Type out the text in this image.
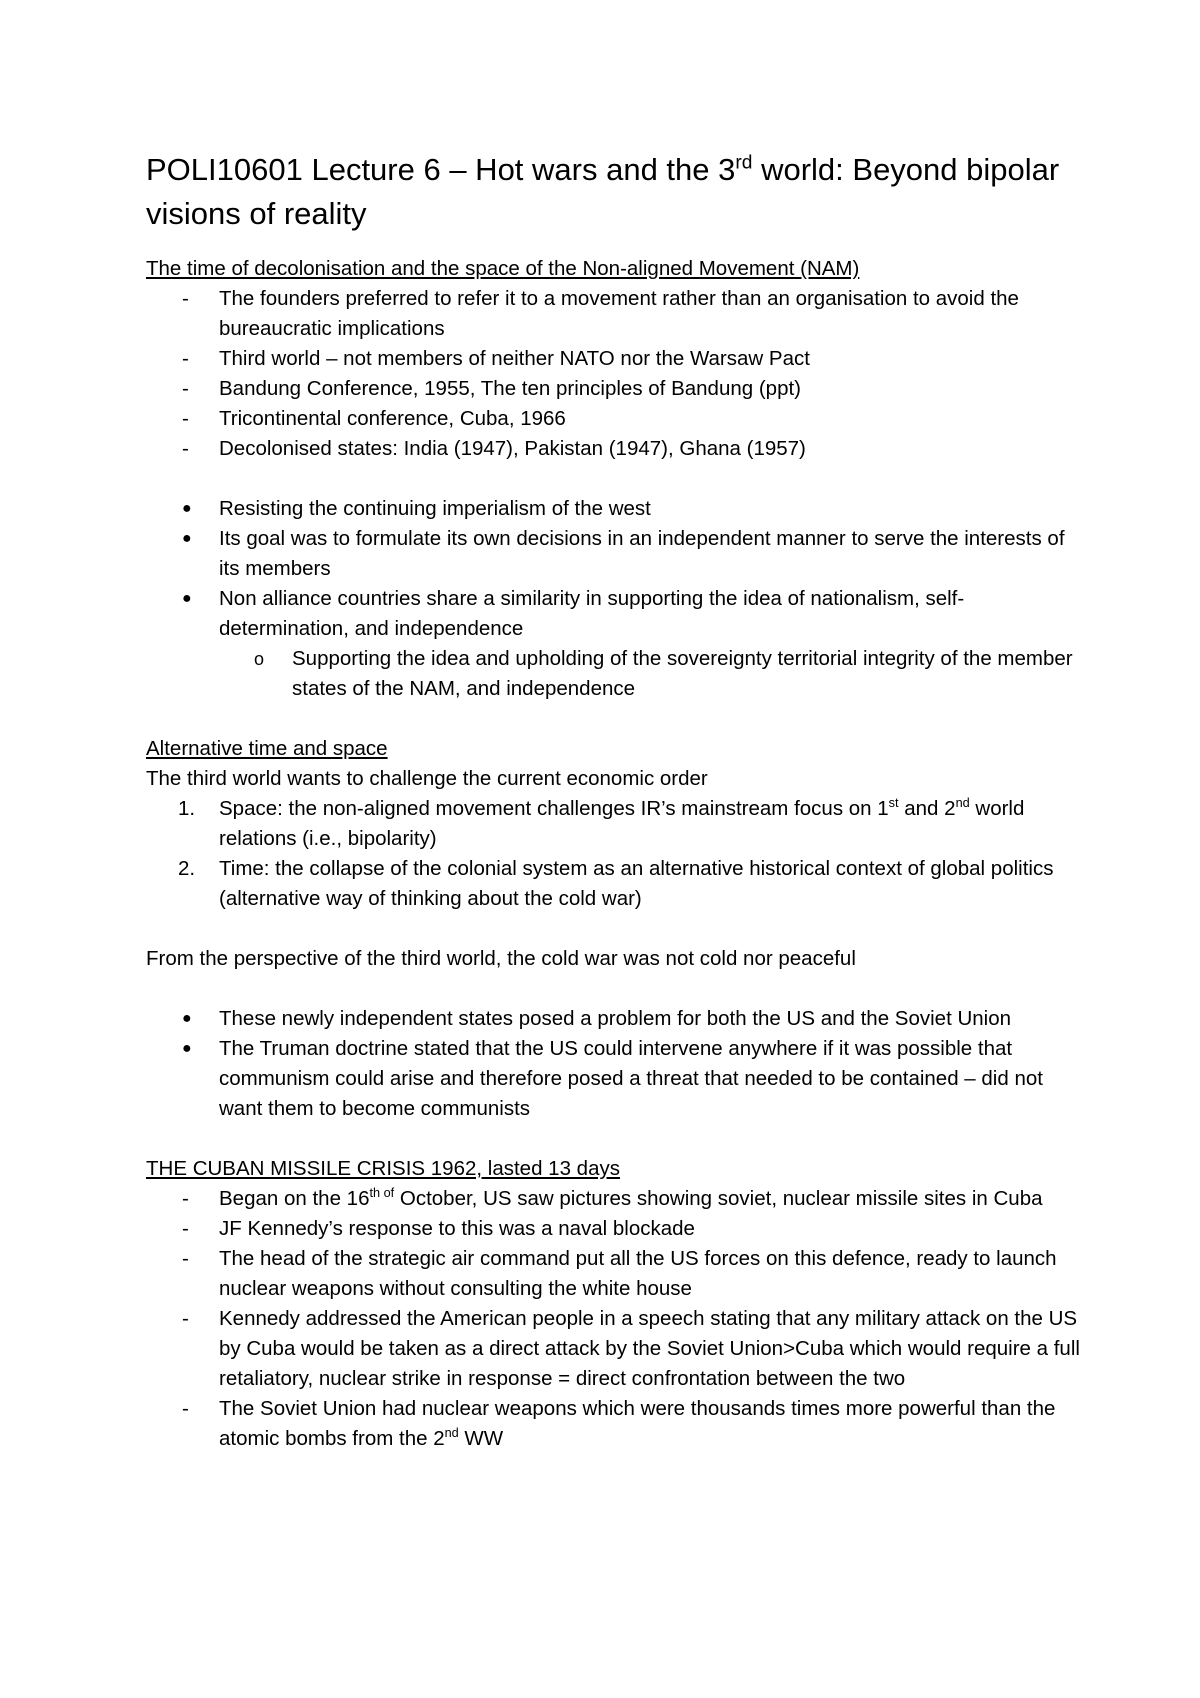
POLI10601 Lecture 6 – Hot wars and the 3rd world: Beyond bipolar visions of reality

The time of decolonisation and the space of the Non-aligned Movement (NAM)

- The founders preferred to refer it to a movement rather than an organisation to avoid the bureaucratic implications
- Third world – not members of neither NATO nor the Warsaw Pact
- Bandung Conference, 1955, The ten principles of Bandung (ppt)
- Tricontinental conference, Cuba, 1966
- Decolonised states: India (1947), Pakistan (1947), Ghana (1957)
● Resisting the continuing imperialism of the west
● Its goal was to formulate its own decisions in an independent manner to serve the interests of its members
● Non alliance countries share a similarity in supporting the idea of nationalism, self-determination, and independence
o Supporting the idea and upholding of the sovereignty territorial integrity of the member states of the NAM, and independence

Alternative time and space

The third world wants to challenge the current economic order

1. Space: the non-aligned movement challenges IR’s mainstream focus on 1st and 2nd world relations (i.e., bipolarity)
2. Time: the collapse of the colonial system as an alternative historical context of global politics (alternative way of thinking about the cold war)

From the perspective of the third world, the cold war was not cold nor peaceful

● These newly independent states posed a problem for both the US and the Soviet Union
● The Truman doctrine stated that the US could intervene anywhere if it was possible that communism could arise and therefore posed a threat that needed to be contained – did not want them to become communists

THE CUBAN MISSILE CRISIS 1962, lasted 13 days

- Began on the $16^{th of}$ October, US saw pictures showing soviet, nuclear missile sites in Cuba
- JF Kennedy’s response to this was a naval blockade
- The head of the strategic air command put all the US forces on this defence, ready to launch nuclear weapons without consulting the white house
- Kennedy addressed the American people in a speech stating that any military attack on the US by Cuba would be taken as a direct attack by the Soviet Union>Cuba which would require a full retaliatory, nuclear strike in response = direct confrontation between the two
- The Soviet Union had nuclear weapons which were thousands times more powerful than the atomic bombs from the 2nd WW
